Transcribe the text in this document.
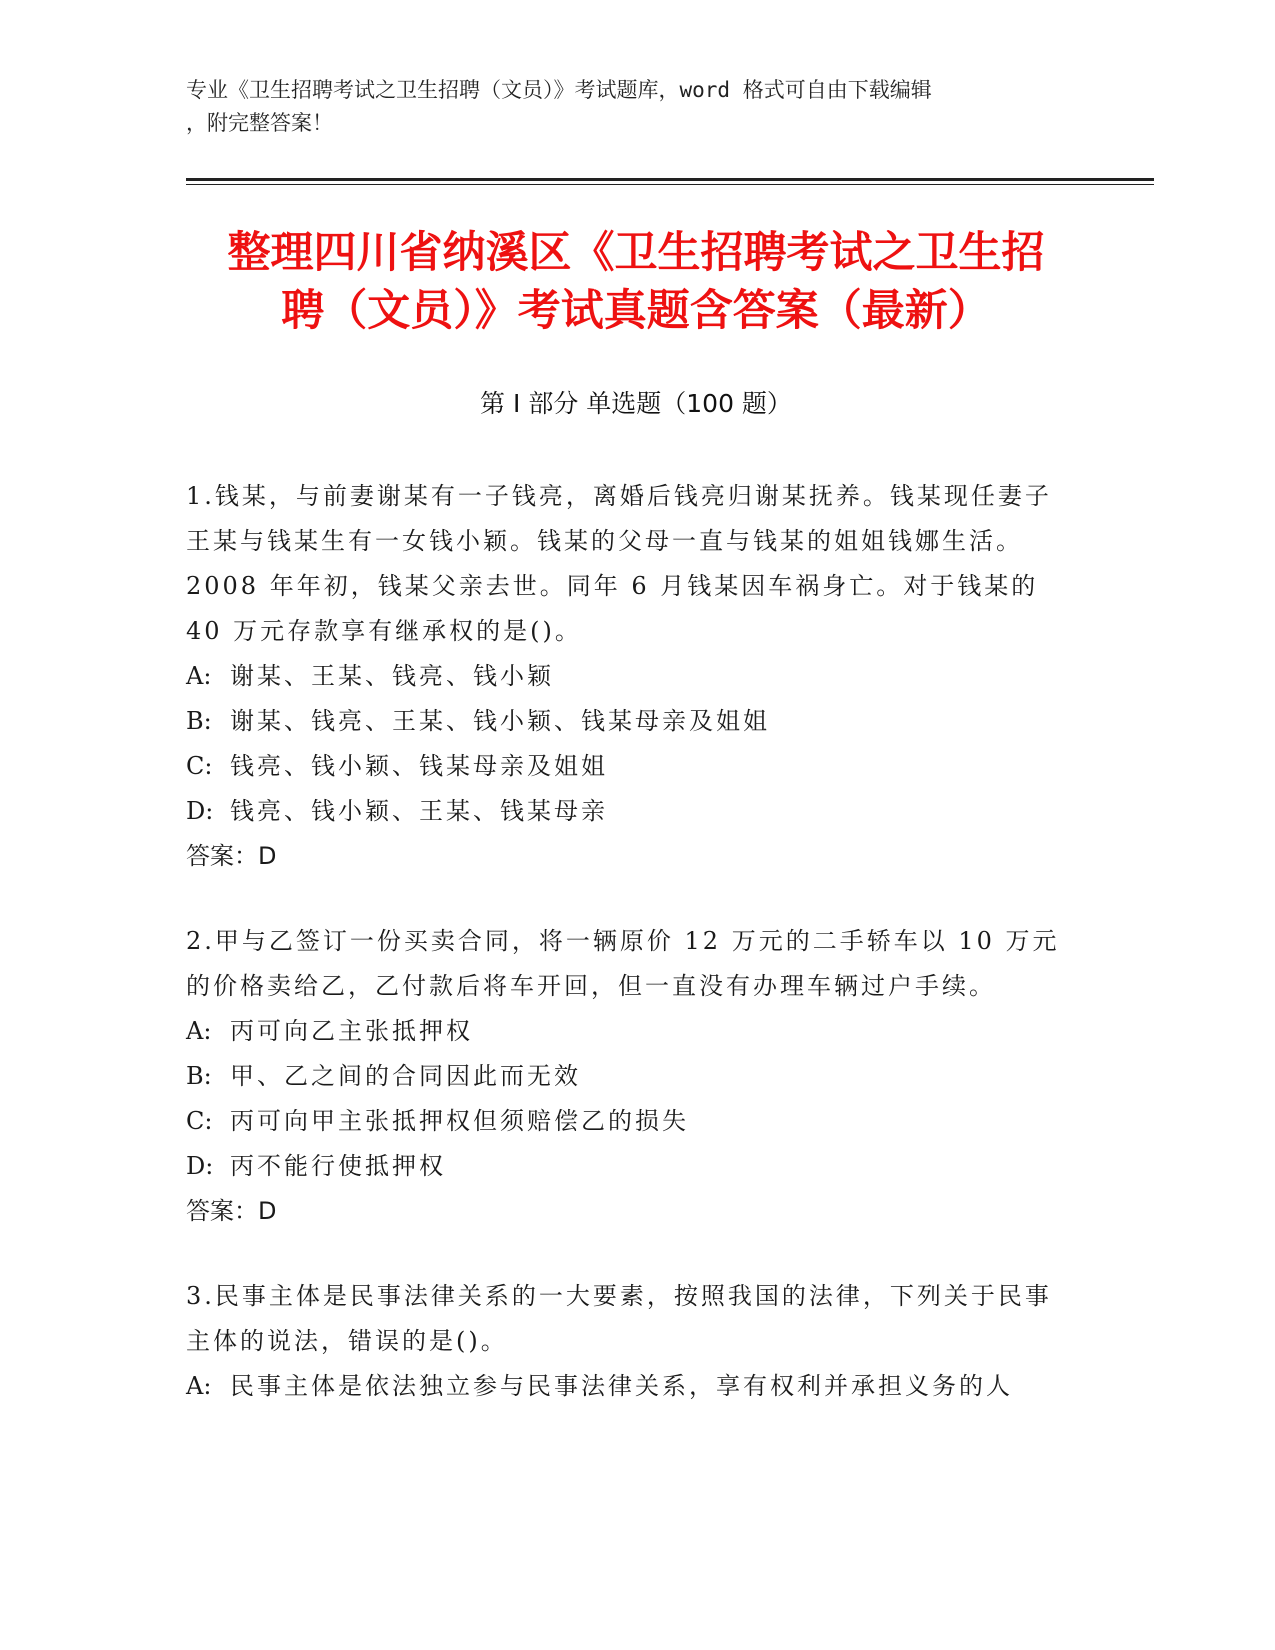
专业《卫生招聘考试之卫生招聘（文员）》考试题库，word 格式可自由下载编辑
，附完整答案！
整理四川省纳溪区《卫生招聘考试之卫生招
聘（文员）》考试真题含答案（最新）
第 I 部分 单选题（100 题）

1.钱某，与前妻谢某有一子钱亮，离婚后钱亮归谢某抚养。钱某现任妻子王某与钱某生有一女钱小颖。钱某的父母一直与钱某的姐姐钱娜生活。2008 年年初，钱某父亲去世。同年 6 月钱某因车祸身亡。对于钱某的 40 万元存款享有继承权的是()。

A: 谢某、王某、钱亮、钱小颖

B: 谢某、钱亮、王某、钱小颖、钱某母亲及姐姐

C: 钱亮、钱小颖、钱某母亲及姐姐

D: 钱亮、钱小颖、王某、钱某母亲

答案：D

2.甲与乙签订一份买卖合同，将一辆原价 12 万元的二手轿车以 10 万元的价格卖给乙，乙付款后将车开回，但一直没有办理车辆过户手续。

A: 丙可向乙主张抵押权

B: 甲、乙之间的合同因此而无效

C: 丙可向甲主张抵押权但须赔偿乙的损失

D: 丙不能行使抵押权

答案：D

3.民事主体是民事法律关系的一大要素，按照我国的法律，下列关于民事主体的说法，错误的是()。

A: 民事主体是依法独立参与民事法律关系，享有权利并承担义务的人
